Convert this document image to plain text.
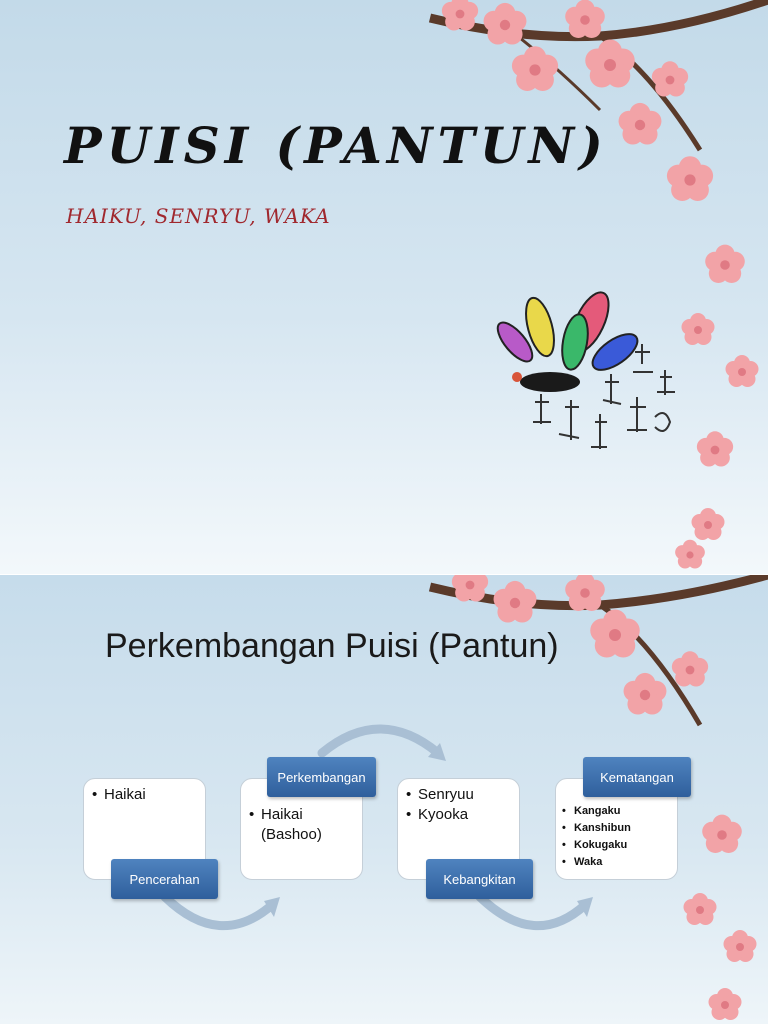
PUISI (PANTUN)
HAIKU, SENRYU, WAKA
Perkembangan Puisi (Pantun)
• Haikai
Pencerahan
• Haikai (Bashoo)
Perkembangan
• Senryuu
• Kyooka
Kebangkitan
• Kangaku
• Kanshibun
• Kokugaku
• Waka
Kematangan
